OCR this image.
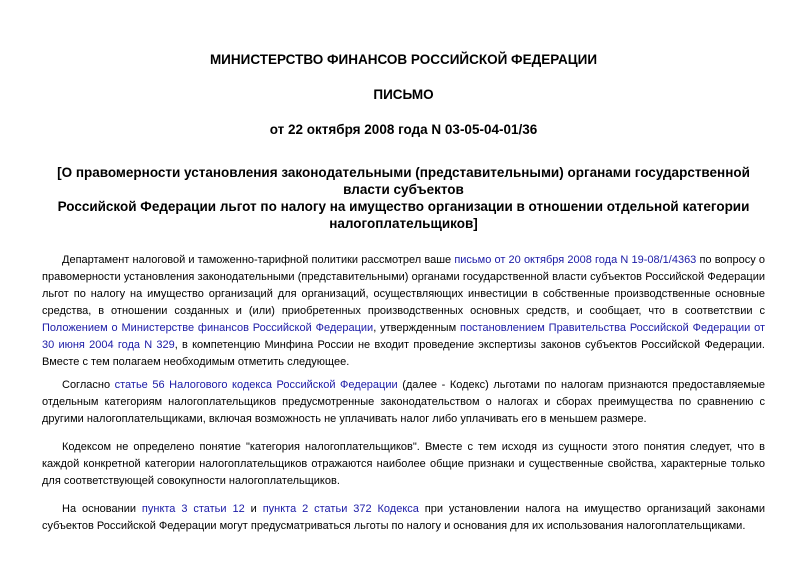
МИНИСТЕРСТВО ФИНАНСОВ РОССИЙСКОЙ ФЕДЕРАЦИИ

ПИСЬМО

от 22 октября 2008 года N 03-05-04-01/36

[О правомерности установления законодательными (представительными) органами государственной власти субъектов
Российской Федерации льгот по налогу на имущество организации в отношении отдельной категории налогоплательщиков]

Департамент налоговой и таможенно-тарифной политики рассмотрел ваше письмо от 20 октября 2008 года N 19-08/1/4363 по вопросу о правомерности установления законодательными (представительными) органами государственной власти субъектов Российской Федерации льгот по налогу на имущество организаций для организаций, осуществляющих инвестиции в собственные производственные основные средства, в отношении созданных и (или) приобретенных производственных основных средств, и сообщает, что в соответствии с Положением о Министерстве финансов Российской Федерации, утвержденным постановлением Правительства Российской Федерации от 30 июня 2004 года N 329, в компетенцию Минфина России не входит проведение экспертизы законов субъектов Российской Федерации. Вместе с тем полагаем необходимым отметить следующее.

Согласно статье 56 Налогового кодекса Российской Федерации (далее - Кодекс) льготами по налогам признаются предоставляемые отдельным категориям налогоплательщиков предусмотренные законодательством о налогах и сборах преимущества по сравнению с другими налогоплательщиками, включая возможность не уплачивать налог либо уплачивать его в меньшем размере.

Кодексом не определено понятие "категория налогоплательщиков". Вместе с тем исходя из сущности этого понятия следует, что в каждой конкретной категории налогоплательщиков отражаются наиболее общие признаки и существенные свойства, характерные только для соответствующей совокупности налогоплательщиков.

На основании пункта 3 статьи 12 и пункта 2 статьи 372 Кодекса при установлении налога на имущество организаций законами субъектов Российской Федерации могут предусматриваться льготы по налогу и основания для их использования налогоплательщиками.
